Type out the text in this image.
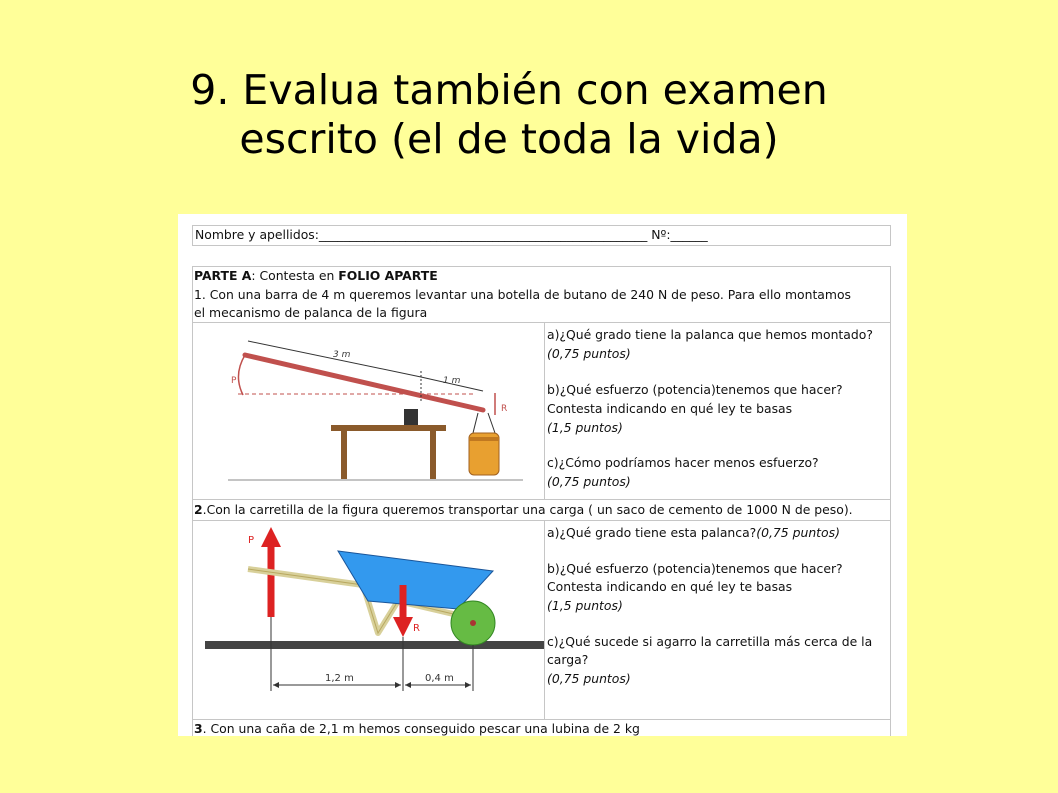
9. Evalua también con examen
escrito (el de toda la vida)
Nombre y apellidos:_____________________________________________________ Nº:______
PARTE A: Contesta en FOLIO APARTE
1. Con una barra de 4 m queremos levantar una botella de butano de 240 N de peso. Para ello montamos
el mecanismo de palanca de la figura
3 m
1 m
P
R
a)¿Qué grado tiene la palanca que hemos montado?
(0,75 puntos)
b)¿Qué esfuerzo (potencia)tenemos que hacer?
Contesta indicando en qué ley te basas
(1,5 puntos)
c)¿Cómo podríamos hacer menos esfuerzo?
(0,75 puntos)
2.Con la carretilla de la figura queremos transportar una carga ( un saco de cemento de 1000 N de peso).
P
R
1,2 m	0,4 m
a)¿Qué grado tiene esta palanca?(0,75 puntos)
b)¿Qué esfuerzo (potencia)tenemos que hacer?
Contesta indicando en qué ley te basas
(1,5 puntos)
c)¿Qué sucede si agarro la carretilla más cerca de la
carga?
(0,75 puntos)
3. Con una caña de 2,1 m hemos conseguido pescar una lubina de 2 kg
